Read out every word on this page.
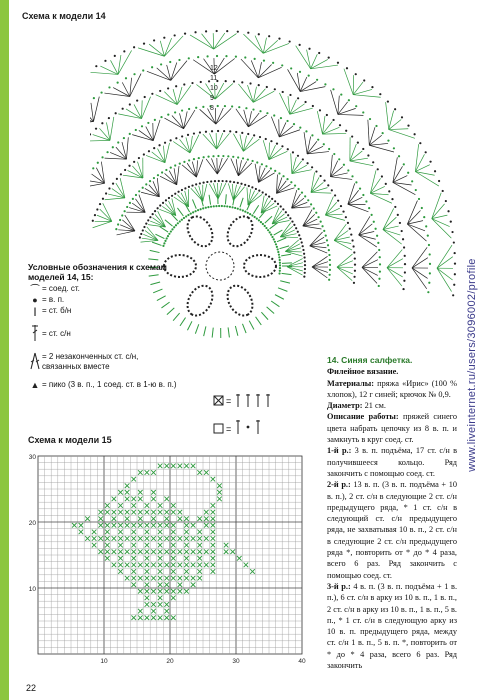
Схема к модели 14
12
11
10
9
8
Условные обозначения к схемам моделей 14, 15:
⌒ = соед. ст.
● = в. п.
| = ст. б/н
= ст. с/н
= 2 незаконченных ст. с/н, связанных вместе
▲ = пико (3 в. п., 1 соед. ст. в 1-ю в. п.)
=
=
Схема к модели 15
10	20	30	40
30
20
10

14. Синяя салфетка.

Филейное вязание.

Материалы: пряжа «Ирис» (100 % хлопок), 12 г синей; крючок № 0,9.

Диаметр: 21 см.

Описание работы: пряжей синего цвета набрать цепочку из 8 в. п. и замкнуть в круг соед. ст.

1-й р.: 3 в. п. подъёма, 17 ст. с/н в получившееся кольцо. Ряд закончить с помощью соед. ст.

2-й р.: 13 в. п. (3 в. п. подъёма + 10 в. п.), 2 ст. с/н в следующие 2 ст. с/н предыдущего ряда, * 1 ст. с/н в следующий ст. с/н предыдущего ряда, не захватывая 10 в. п., 2 ст. с/н в следующие 2 ст. с/н предыдущего ряда *, повторить от * до * 4 раза, всего 6 раз. Ряд закончить с помощью соед. ст.

3-й р.: 4 в. п. (3 в. п. подъёма + 1 в. п.), 6 ст. с/н в арку из 10 в. п., 1 в. п., 2 ст. с/н в арку из 10 в. п., 1 в. п., 5 в. п., * 1 ст. с/н в следующую арку из 10 в. п. предыдущего ряда, между ст. с/н 1 в. п., 5 в. п. *, повторить от * до * 4 раза, всего 6 раз. Ряд закончить

22
www.liveinternet.ru/users/3096002/profile
